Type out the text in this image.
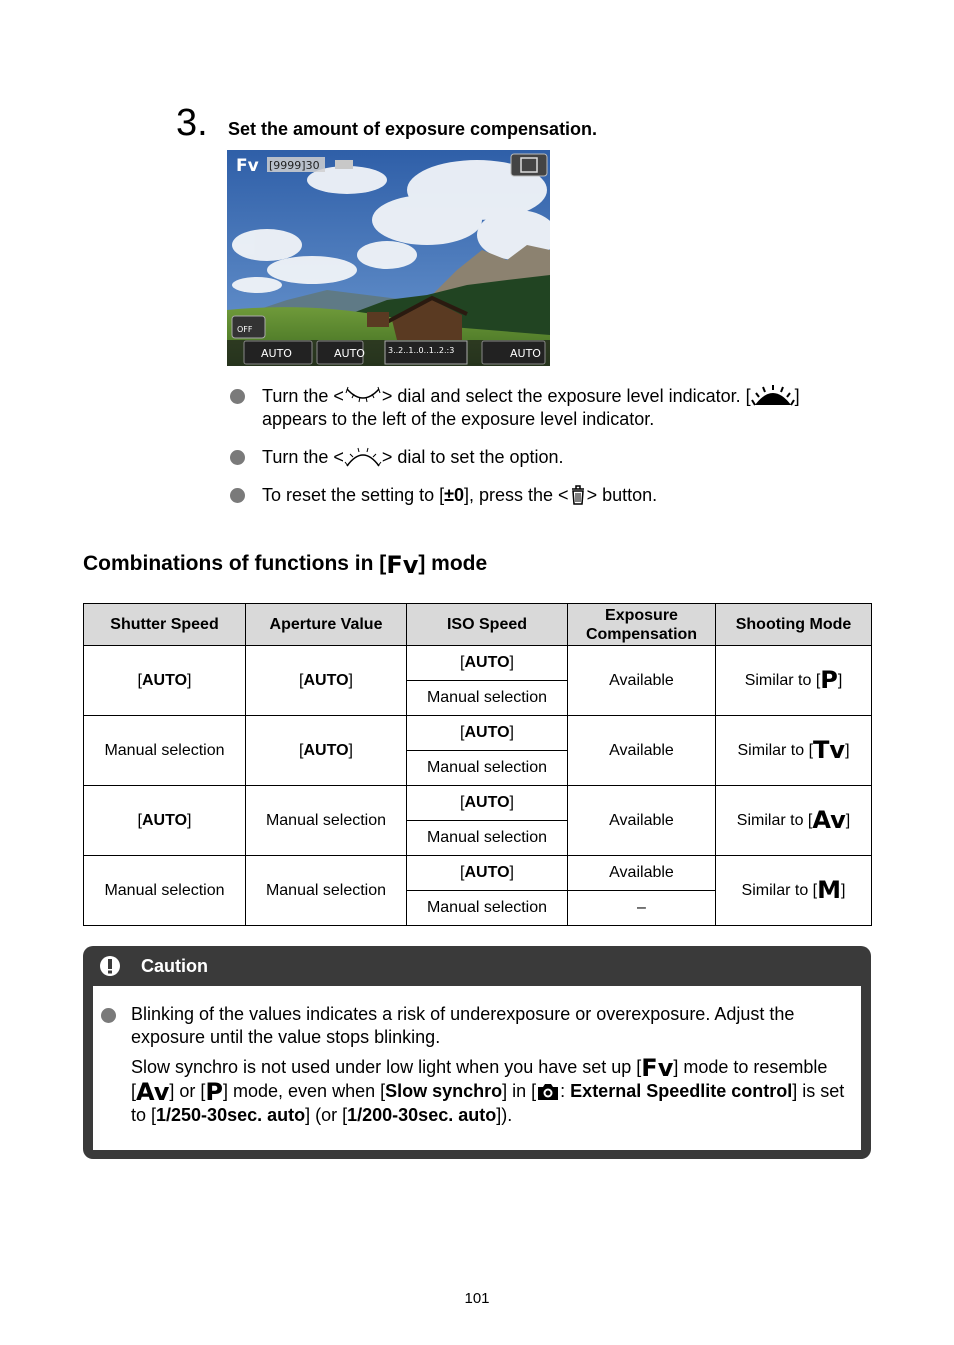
3. Set the amount of exposure compensation.
Fv [9999]30
OFF
AUTO	AUTO	3..2..1..0..1..2.:3	AUTO
Turn the < > dial and select the exposure level indicator. [ ] appears to the left of the exposure level indicator.
Turn the < > dial to set the option.
To reset the setting to [±0], press the < > button.
Combinations of functions in [Fv] mode
Shutter Speed	Aperture Value	ISO Speed	Exposure Compensation	Shooting Mode
[AUTO]	[AUTO]	[AUTO]	Available	Similar to [P]
		Manual selection		
Manual selection	[AUTO]	[AUTO]	Available	Similar to [Tv]
		Manual selection		
[AUTO]	Manual selection	[AUTO]	Available	Similar to [Av]
		Manual selection		
Manual selection	Manual selection	[AUTO]	Available	Similar to [M]
		Manual selection	–	
Caution

Blinking of the values indicates a risk of underexposure or overexposure. Adjust the exposure until the value stops blinking.

Slow synchro is not used under low light when you have set up [Fv] mode to resemble [Av] or [P] mode, even when [Slow synchro] in [ : External Speedlite control] is set to [1/250-30sec. auto] (or [1/200-30sec. auto]).

101
